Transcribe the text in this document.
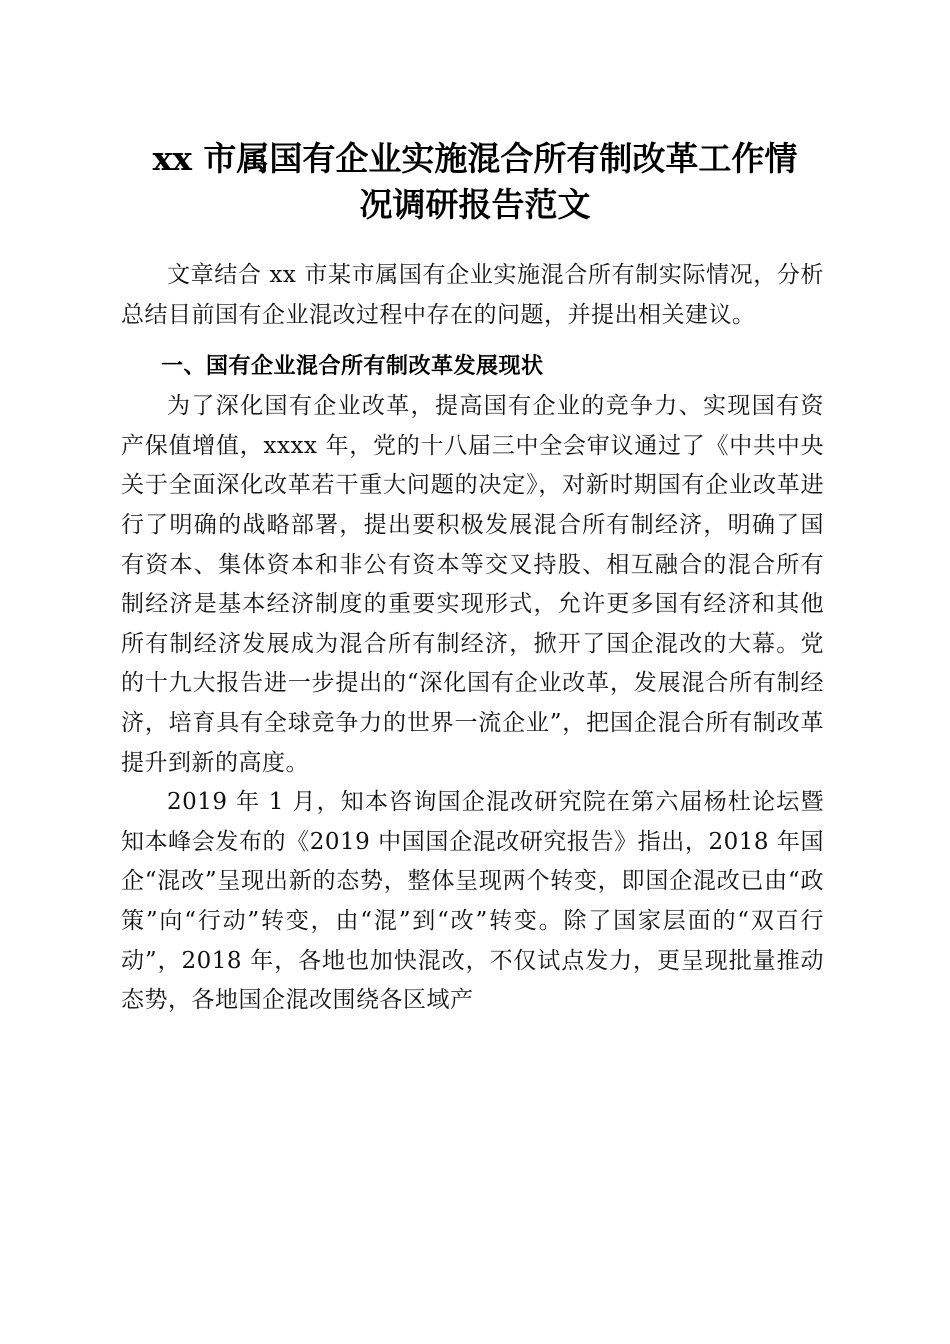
xx 市属国有企业实施混合所有制改革工作情
况调研报告范文

文章结合 xx 市某市属国有企业实施混合所有制实际情况，分析总结目前国有企业混改过程中存在的问题，并提出相关建议。

一、国有企业混合所有制改革发展现状

为了深化国有企业改革，提高国有企业的竞争力、实现国有资产保值增值，xxxx 年，党的十八届三中全会审议通过了《中共中央关于全面深化改革若干重大问题的决定》，对新时期国有企业改革进行了明确的战略部署，提出要积极发展混合所有制经济，明确了国有资本、集体资本和非公有资本等交叉持股、相互融合的混合所有制经济是基本经济制度的重要实现形式，允许更多国有经济和其他所有制经济发展成为混合所有制经济，掀开了国企混改的大幕。党的十九大报告进一步提出的“深化国有企业改革，发展混合所有制经济，培育具有全球竞争力的世界一流企业”，把国企混合所有制改革提升到新的高度。

2019 年 1 月，知本咨询国企混改研究院在第六届杨杜论坛暨知本峰会发布的《2019 中国国企混改研究报告》指出，2018 年国企“混改”呈现出新的态势，整体呈现两个转变，即国企混改已由“政策”向“行动”转变，由“混”到“改”转变。除了国家层面的“双百行动”，2018 年，各地也加快混改，不仅试点发力，更呈现批量推动态势，各地国企混改围绕各区域产
